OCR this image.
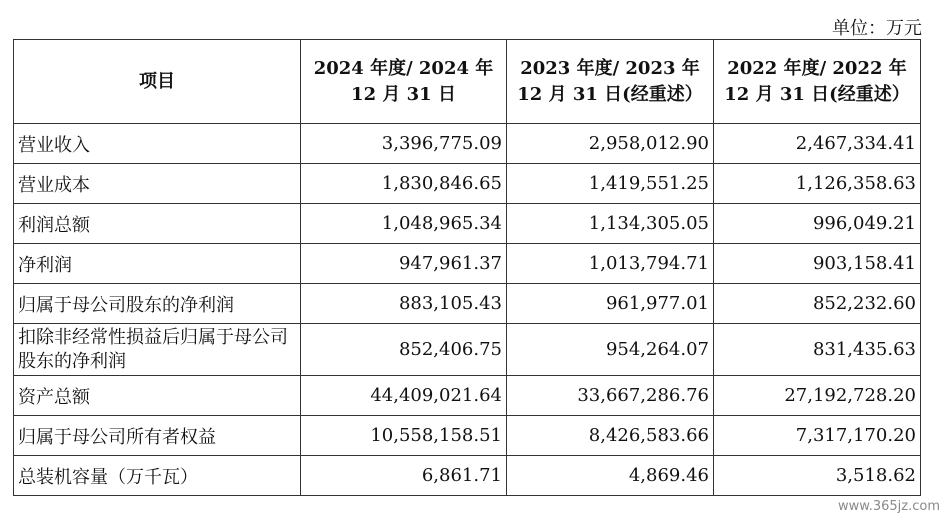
单位：万元
项目	2024 年度/ 2024 年 12 月 31 日	2023 年度/ 2023 年 12 月 31 日(经重述）	2022 年度/ 2022 年 12 月 31 日(经重述）
营业收入	3,396,775.09	2,958,012.90	2,467,334.41
营业成本	1,830,846.65	1,419,551.25	1,126,358.63
利润总额	1,048,965.34	1,134,305.05	996,049.21
净利润	947,961.37	1,013,794.71	903,158.41
归属于母公司股东的净利润	883,105.43	961,977.01	852,232.60
扣除非经常性损益后归属于母公司股东的净利润	852,406.75	954,264.07	831,435.63
资产总额	44,409,021.64	33,667,286.76	27,192,728.20
归属于母公司所有者权益	10,558,158.51	8,426,583.66	7,317,170.20
总装机容量（万千瓦）	6,861.71	4,869.46	3,518.62
www.365jz.com
